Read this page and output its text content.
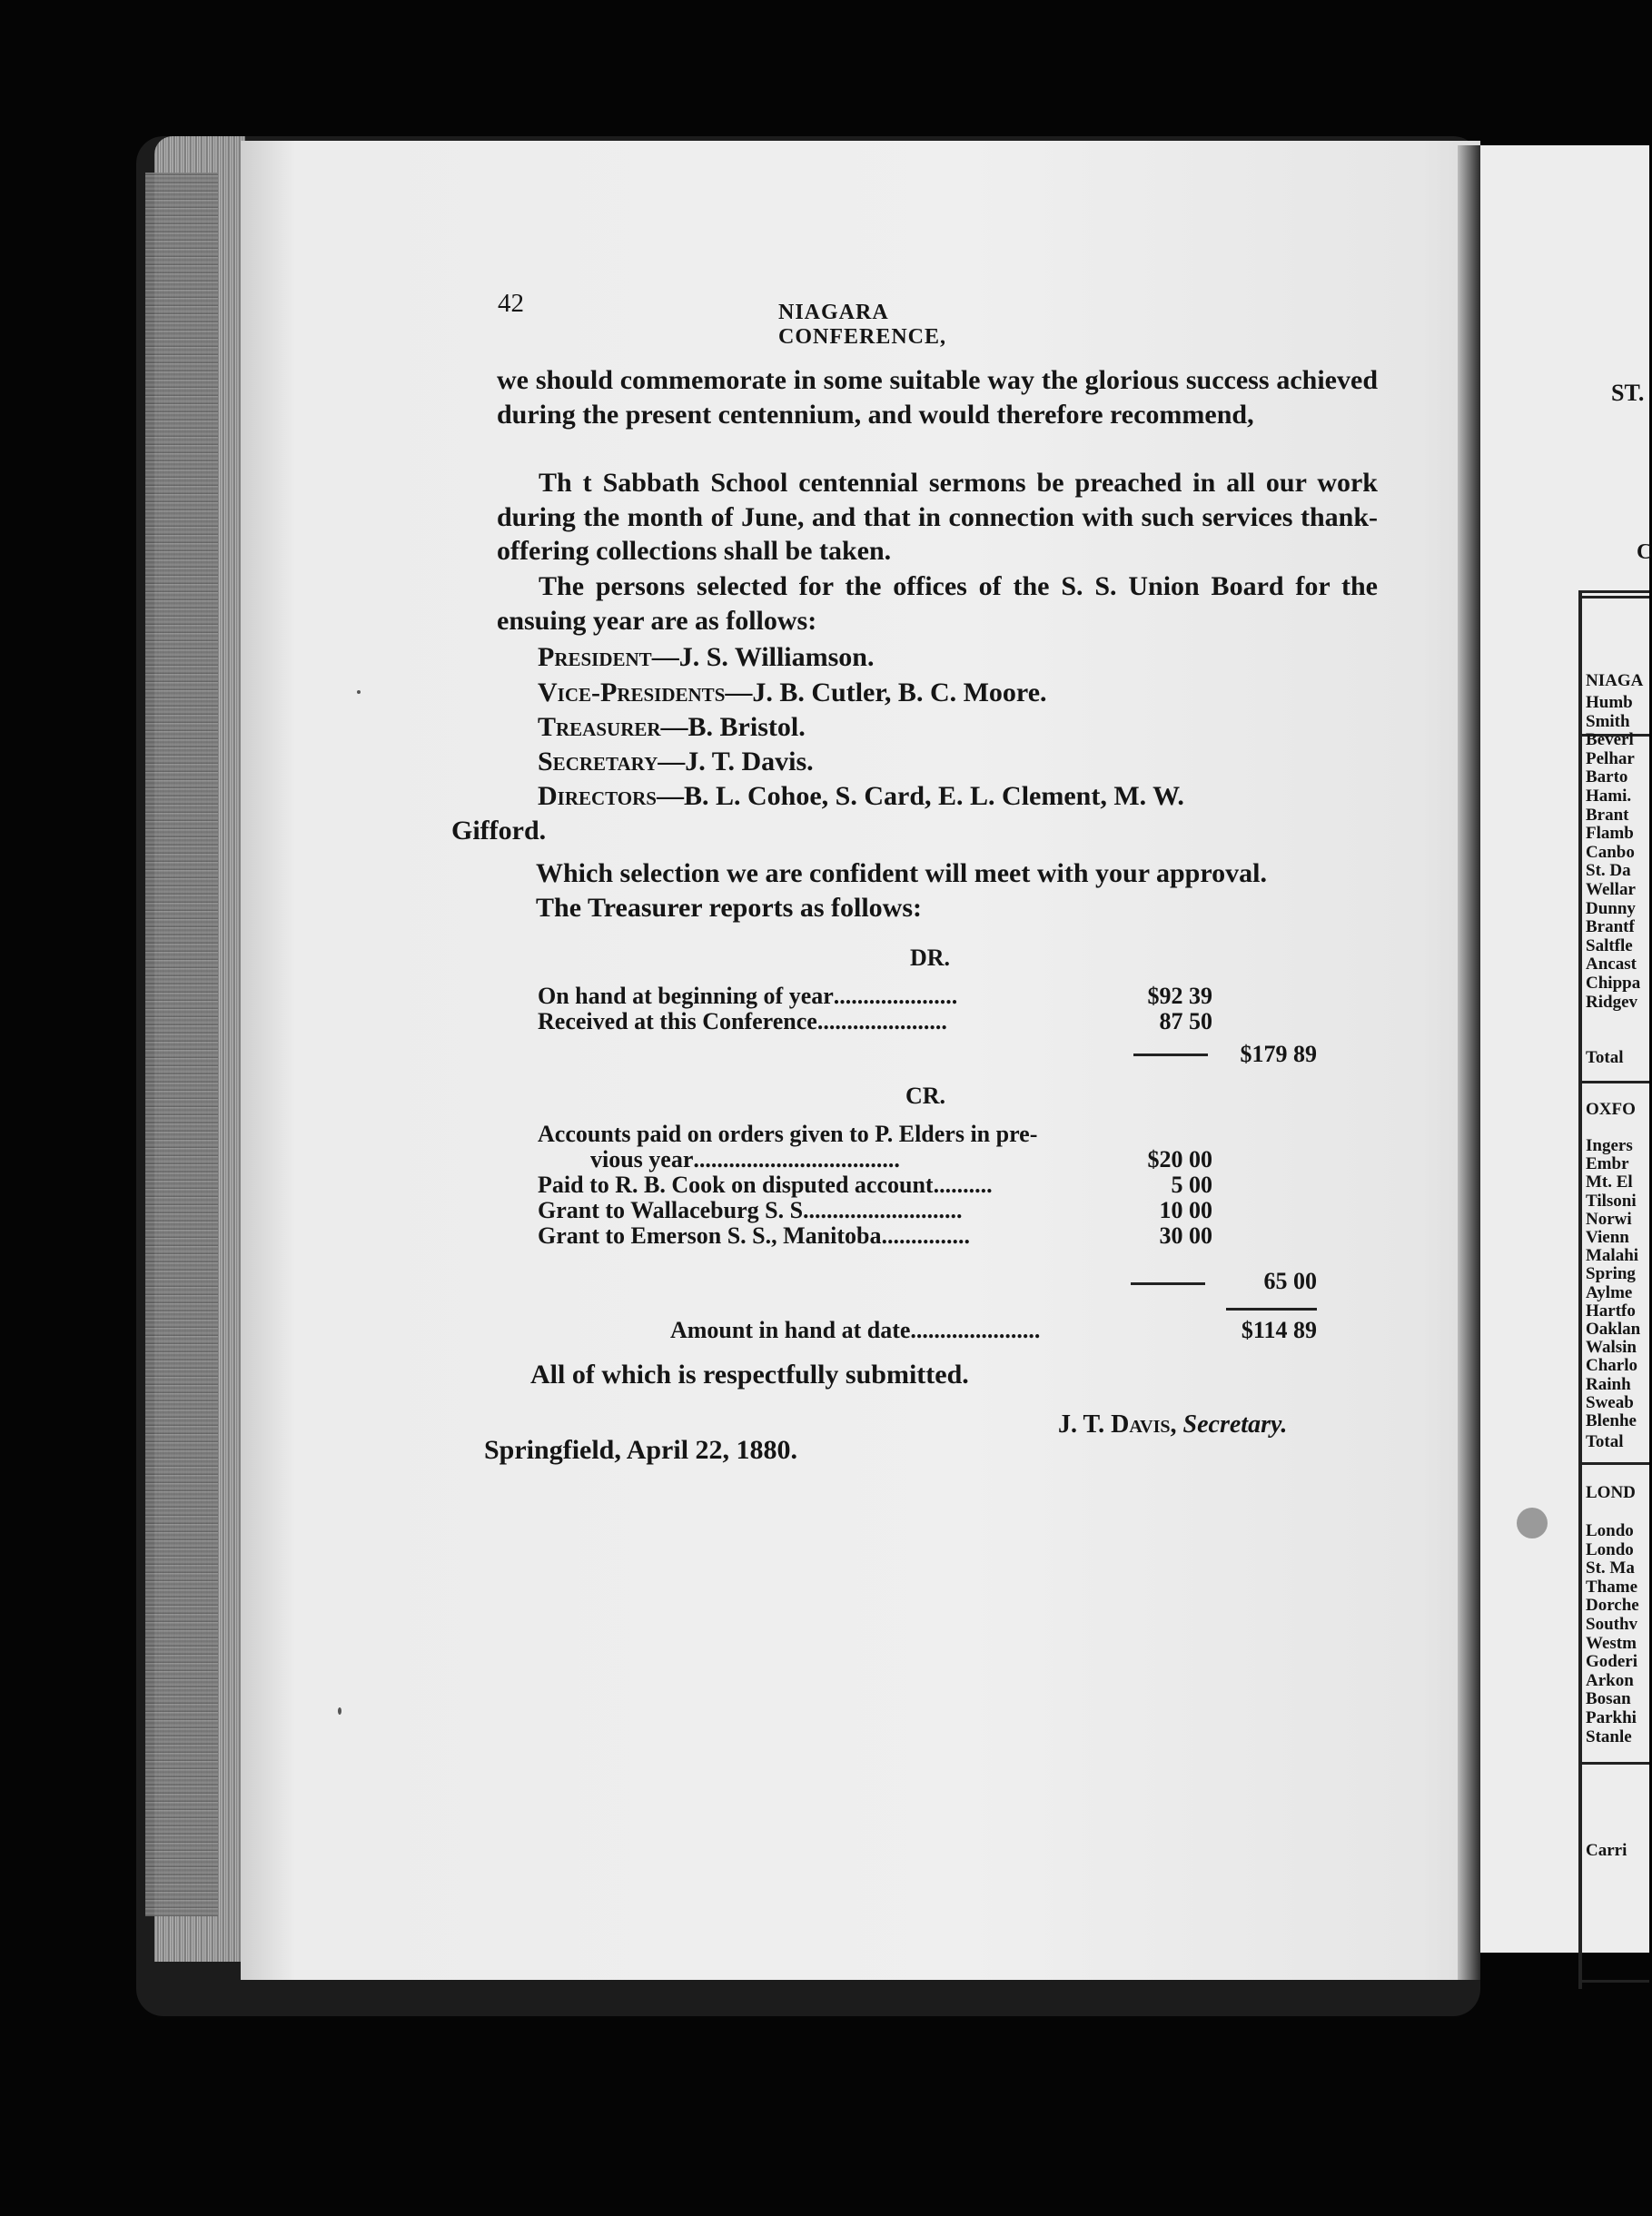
ST.
C
NIAGA
Humb
Smith
Beverl
Pelhar
Barto
Hami.
Brant
Flamb
Canbo
St. Da
Wellar
Dunny
Brantf
Saltfle
Ancast
Chippa
Ridgev
Total
OXFO
Ingers
Embr
Mt. El
Tilsoni
Norwi
Vienn
Malahi
Spring
Aylme
Hartfo
Oaklan
Walsin
Charlo
Rainh
Sweab
Blenhe
Total
LOND
Londo
Londo
St. Ma
Thame
Dorche
Southv
Westm
Goderi
Arkon
Bosan
Parkhi
Stanle
Carri
42	NIAGARA CONFERENCE,
we should commemorate in some suitable way the glorious success achieved during the present centennium, and would therefore recommend,
Th t Sabbath School centennial sermons be preached in all our work during the month of June, and that in connection with such services thank-offering collections shall be taken.
The persons selected for the offices of the S. S. Union Board for the ensuing year are as follows:
President—J. S. Williamson.
Vice-Presidents—J. B. Cutler, B. C. Moore.
Treasurer—B. Bristol.
Secretary—J. T. Davis.
Directors—B. L. Cohoe, S. Card, E. L. Clement, M. W.
Gifford.
Which selection we are confident will meet with your approval.
The Treasurer reports as follows:
DR.
On hand at beginning of year.....................	$92 39
Received at this Conference......................	87 50
$179 89
CR.
Accounts paid on orders given to P. Elders in pre-
vious year...................................	$20 00
Paid to R. B. Cook on disputed account..........	5 00
Grant to Wallaceburg S. S...........................	10 00
Grant to Emerson S. S., Manitoba...............	30 00
65 00
Amount in hand at date......................	$114 89
All of which is respectfully submitted.
J. T. Davis, Secretary.
Springfield, April 22, 1880.
